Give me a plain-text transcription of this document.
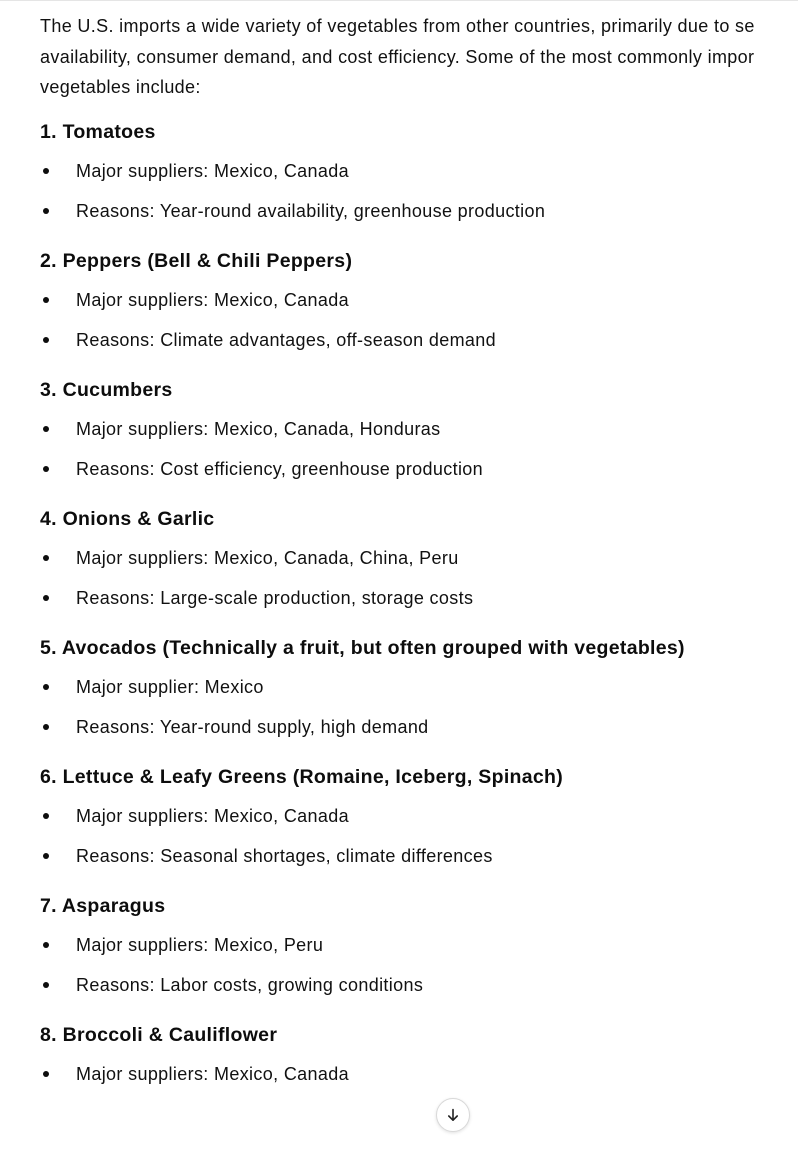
The U.S. imports a wide variety of vegetables from other countries, primarily due to se
availability, consumer demand, and cost efficiency. Some of the most commonly impor
vegetables include:

1. Tomatoes
Major suppliers: Mexico, Canada
Reasons: Year-round availability, greenhouse production
2. Peppers (Bell & Chili Peppers)
Major suppliers: Mexico, Canada
Reasons: Climate advantages, off-season demand
3. Cucumbers
Major suppliers: Mexico, Canada, Honduras
Reasons: Cost efficiency, greenhouse production
4. Onions & Garlic
Major suppliers: Mexico, Canada, China, Peru
Reasons: Large-scale production, storage costs
5. Avocados (Technically a fruit, but often grouped with vegetables)
Major supplier: Mexico
Reasons: Year-round supply, high demand
6. Lettuce & Leafy Greens (Romaine, Iceberg, Spinach)
Major suppliers: Mexico, Canada
Reasons: Seasonal shortages, climate differences
7. Asparagus
Major suppliers: Mexico, Peru
Reasons: Labor costs, growing conditions
8. Broccoli & Cauliflower
Major suppliers: Mexico, Canada
